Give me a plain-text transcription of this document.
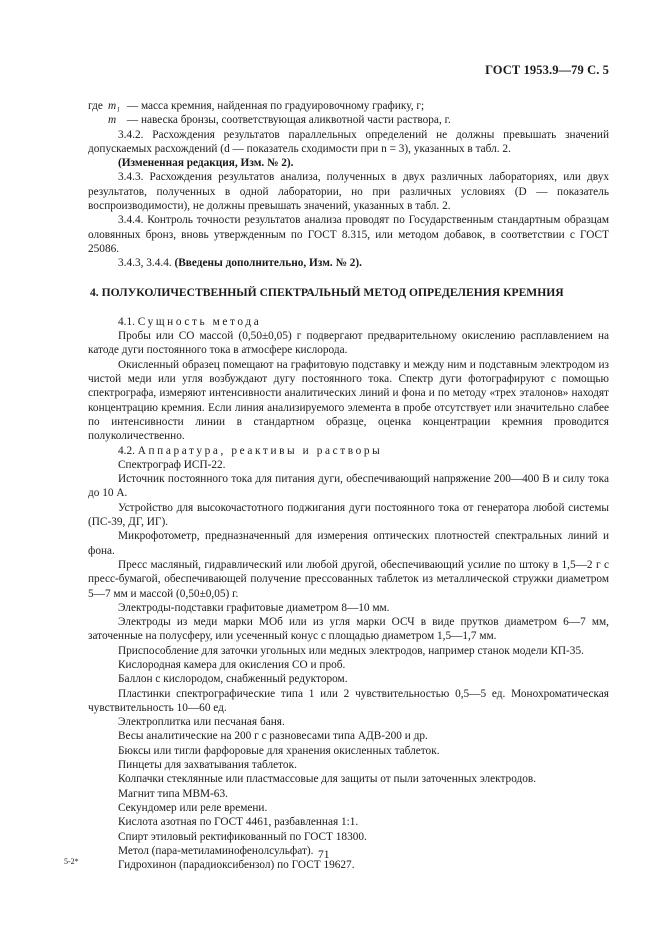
ГОСТ 1953.9—79 С. 5

где m₁ — масса кремния, найденная по градуировочному графику, г;

m — навеска бронзы, соответствующая аликвотной части раствора, г.

3.4.2. Расхождения результатов параллельных определений не должны превышать значений допускаемых расхождений (d — показатель сходимости при n = 3), указанных в табл. 2.

(Измененная редакция, Изм. № 2).

3.4.3. Расхождения результатов анализа, полученных в двух различных лабораториях, или двух результатов, полученных в одной лаборатории, но при различных условиях (D — показатель воспроизводимости), не должны превышать значений, указанных в табл. 2.

3.4.4. Контроль точности результатов анализа проводят по Государственным стандартным образцам оловянных бронз, вновь утвержденным по ГОСТ 8.315, или методом добавок, в соответствии с ГОСТ 25086.

3.4.3, 3.4.4. (Введены дополнительно, Изм. № 2).

4. ПОЛУКОЛИЧЕСТВЕННЫЙ СПЕКТРАЛЬНЫЙ МЕТОД ОПРЕДЕЛЕНИЯ КРЕМНИЯ

4.1. Сущность метода

Пробы или СО массой (0,50±0,05) г подвергают предварительному окислению расплавлением на катоде дуги постоянного тока в атмосфере кислорода.

Окисленный образец помещают на графитовую подставку и между ним и подставным электродом из чистой меди или угля возбуждают дугу постоянного тока. Спектр дуги фотографируют с помощью спектрографа, измеряют интенсивности аналитических линий и фона и по методу «трех эталонов» находят концентрацию кремния. Если линия анализируемого элемента в пробе отсутствует или значительно слабее по интенсивности линии в стандартном образце, оценка концентрации кремния проводится полуколичественно.

4.2. Аппаратура, реактивы и растворы

Спектрограф ИСП-22.

Источник постоянного тока для питания дуги, обеспечивающий напряжение 200—400 В и силу тока до 10 А.

Устройство для высокочастотного поджигания дуги постоянного тока от генератора любой системы (ПС-39, ДГ, ИГ).

Микрофотометр, предназначенный для измерения оптических плотностей спектральных линий и фона.

Пресс масляный, гидравлический или любой другой, обеспечивающий усилие по штоку в 1,5—2 г с пресс-бумагой, обеспечивающей получение прессованных таблеток из металлической стружки диаметром 5—7 мм и массой (0,50±0,05) г.

Электроды-подставки графитовые диаметром 8—10 мм.

Электроды из меди марки МОб или из угля марки ОСЧ в виде прутков диаметром 6—7 мм, заточенные на полусферу, или усеченный конус с площадью диаметром 1,5—1,7 мм.

Приспособление для заточки угольных или медных электродов, например станок модели КП-35.

Кислородная камера для окисления СО и проб.

Баллон с кислородом, снабженный редуктором.

Пластинки спектрографические типа 1 или 2 чувствительностью 0,5—5 ед. Монохроматическая чувствительность 10—60 ед.

Электроплитка или песчаная баня.

Весы аналитические на 200 г с разновесами типа АДВ-200 и др.

Бюксы или тигли фарфоровые для хранения окисленных таблеток.

Пинцеты для захватывания таблеток.

Колпачки стеклянные или пластмассовые для защиты от пыли заточенных электродов.

Магнит типа МВМ-63.

Секундомер или реле времени.

Кислота азотная по ГОСТ 4461, разбавленная 1:1.

Спирт этиловый ректификованный по ГОСТ 18300.

Метол (пара-метиламинофенолсульфат).

Гидрохинон (парадиоксибензол) по ГОСТ 19627.

5-2*

71
